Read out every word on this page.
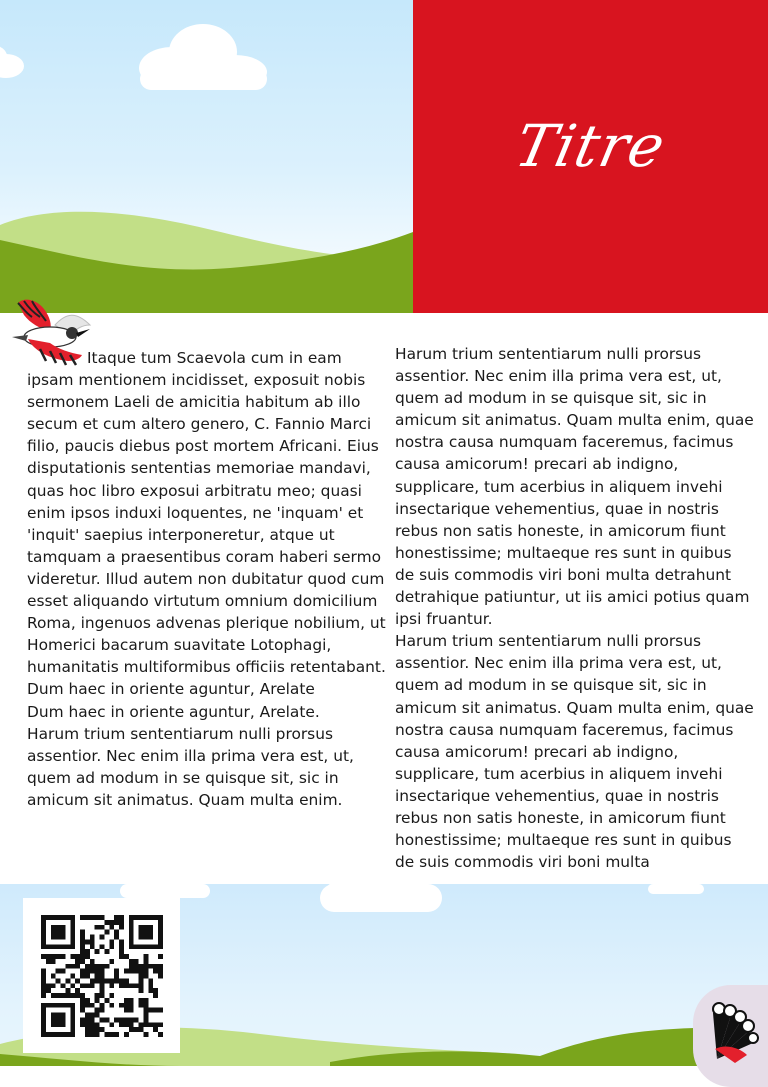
Titre

Itaque tum Scaevola cum in eam ipsam mentionem incidisset, exposuit nobis sermonem Laeli de amicitia habitum ab illo secum et cum altero genero, C. Fannio Marci filio, paucis diebus post mortem Africani. Eius disputationis sententias memoriae mandavi, quas hoc libro exposui arbitratu meo; quasi enim ipsos induxi loquentes, ne 'inquam' et 'inquit' saepius interponeretur, atque ut tamquam a praesentibus coram haberi sermo videretur. Illud autem non dubitatur quod cum esset aliquando virtutum omnium domicilium Roma, ingenuos advenas plerique nobilium, ut Homerici bacarum suavitate Lotophagi, humanitatis multiformibus officiis retentabant.

Dum haec in oriente aguntur, Arelate

Dum haec in oriente aguntur, Arelate.

Harum trium sententiarum nulli prorsus assentior. Nec enim illa prima vera est, ut, quem ad modum in se quisque sit, sic in amicum sit animatus. Quam multa enim.

Harum trium sententiarum nulli prorsus assentior. Nec enim illa prima vera est, ut, quem ad modum in se quisque sit, sic in amicum sit animatus. Quam multa enim, quae nostra causa numquam faceremus, facimus causa amicorum! precari ab indigno, supplicare, tum acerbius in aliquem invehi insectarique vehementius, quae in nostris rebus non satis honeste, in amicorum fiunt honestissime; multaeque res sunt in quibus de suis commodis viri boni multa detrahunt detrahique patiuntur, ut iis amici potius quam ipsi fruantur.

Harum trium sententiarum nulli prorsus assentior. Nec enim illa prima vera est, ut, quem ad modum in se quisque sit, sic in amicum sit animatus. Quam multa enim, quae nostra causa numquam faceremus, facimus causa amicorum! precari ab indigno, supplicare, tum acerbius in aliquem invehi insectarique vehementius, quae in nostris rebus non satis honeste, in amicorum fiunt honestissime; multaeque res sunt in quibus de suis commodis viri boni multa
